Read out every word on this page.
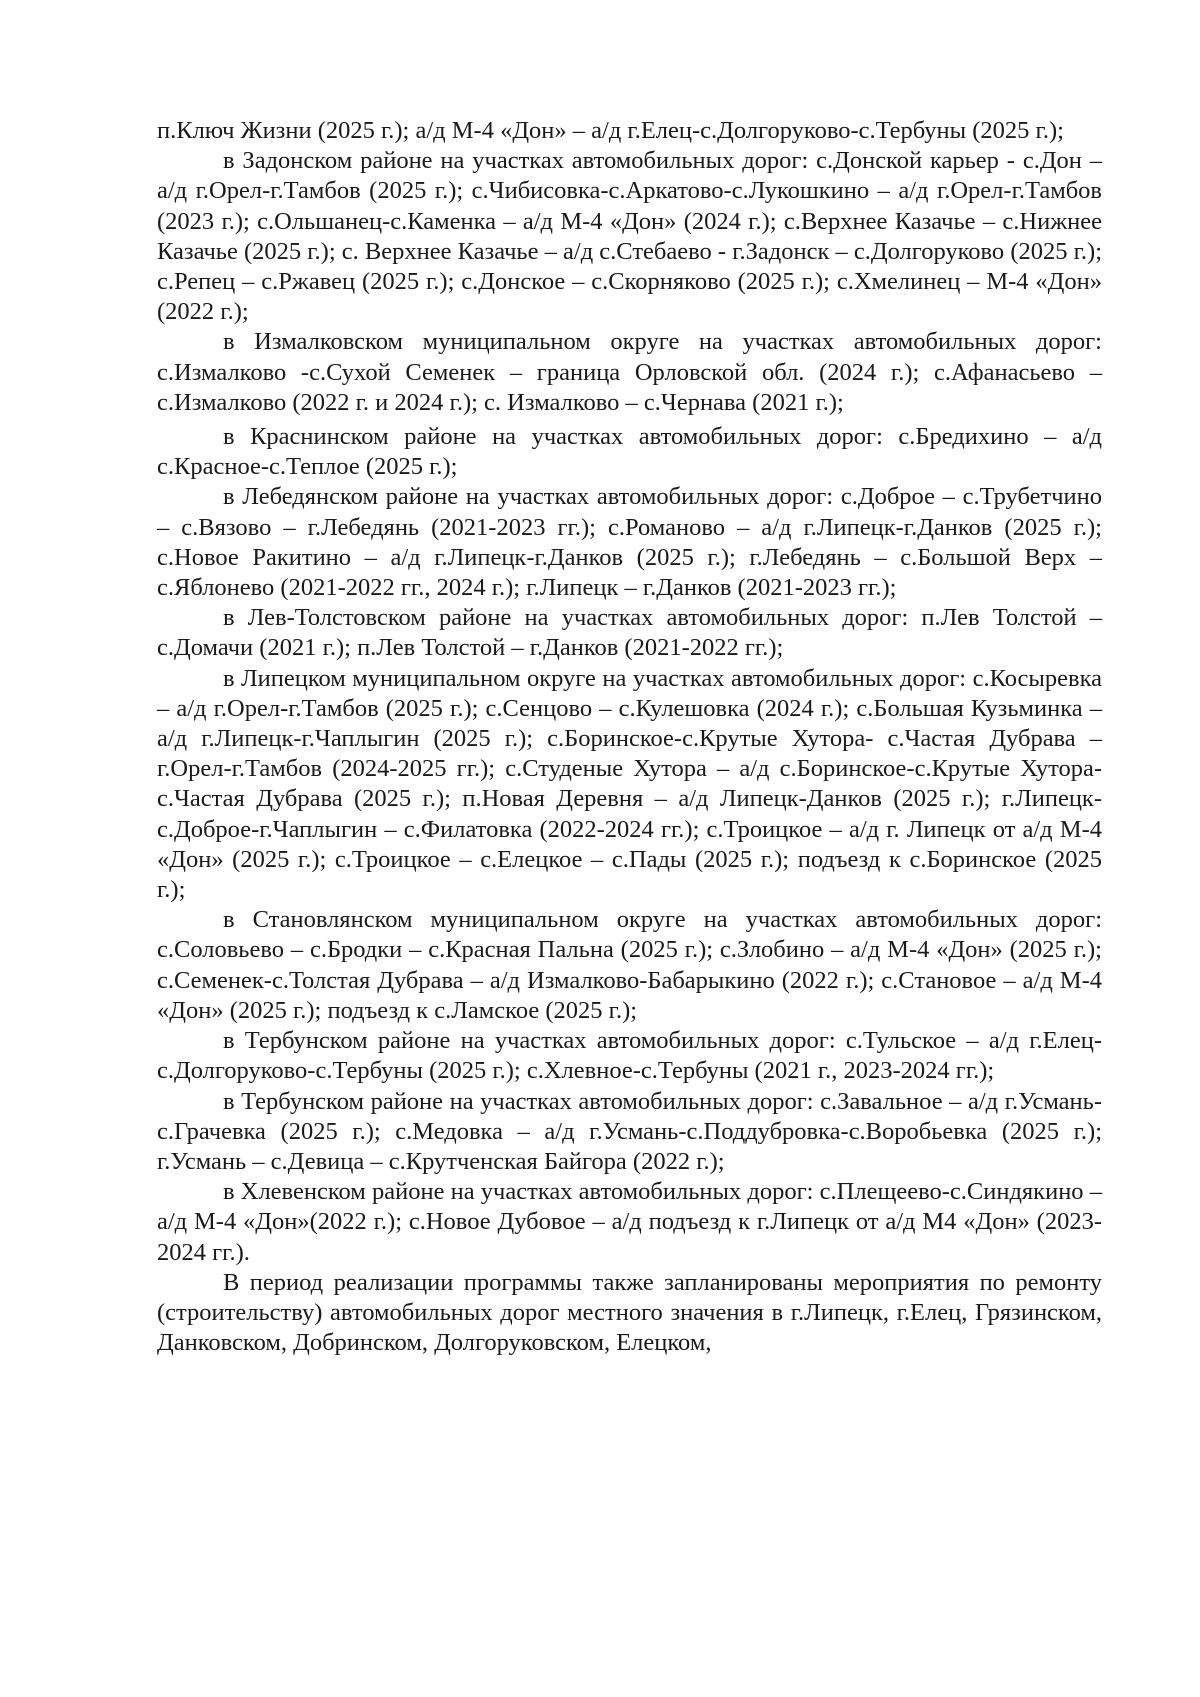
п.Ключ Жизни (2025 г.); а/д М-4 «Дон» – а/д г.Елец-с.Долгоруково-с.Тербуны (2025 г.);

в Задонском районе на участках автомобильных дорог: с.Донской карьер - с.Дон – а/д г.Орел-г.Тамбов (2025 г.); с.Чибисовка-с.Аркатово-с.Лукошкино – а/д г.Орел-г.Тамбов (2023 г.); с.Ольшанец-с.Каменка – а/д М-4 «Дон» (2024 г.); с.Верхнее Казачье – с.Нижнее Казачье (2025 г.); с. Верхнее Казачье – а/д с.Стебаево - г.Задонск – с.Долгоруково (2025 г.); с.Репец – с.Ржавец (2025 г.); с.Донское – с.Скорняково (2025 г.); с.Хмелинец – М-4 «Дон» (2022 г.);

в Измалковском муниципальном округе на участках автомобильных дорог: с.Измалково -с.Сухой Семенек – граница Орловской обл. (2024 г.); с.Афанасьево – с.Измалково (2022 г. и 2024 г.); с. Измалково – с.Чернава (2021 г.);

в Краснинском районе на участках автомобильных дорог: с.Бредихино – а/д с.Красное-с.Теплое (2025 г.);

в Лебедянском районе на участках автомобильных дорог: с.Доброе – с.Трубетчино – с.Вязово – г.Лебедянь (2021-2023 гг.); с.Романово – а/д г.Липецк-г.Данков (2025 г.); с.Новое Ракитино – а/д г.Липецк-г.Данков (2025 г.); г.Лебедянь – с.Большой Верх – с.Яблонево (2021-2022 гг., 2024 г.); г.Липецк – г.Данков (2021-2023 гг.);

в Лев-Толстовском районе на участках автомобильных дорог: п.Лев Толстой – с.Домачи (2021 г.); п.Лев Толстой – г.Данков (2021-2022 гг.);

в Липецком муниципальном округе на участках автомобильных дорог: с.Косыревка – а/д г.Орел-г.Тамбов (2025 г.); с.Сенцово – с.Кулешовка (2024 г.); с.Большая Кузьминка – а/д г.Липецк-г.Чаплыгин (2025 г.); с.Боринское-с.Крутые Хутора- с.Частая Дубрава – г.Орел-г.Тамбов (2024-2025 гг.); с.Студеные Хутора – а/д с.Боринское-с.Крутые Хутора-с.Частая Дубрава (2025 г.); п.Новая Деревня – а/д Липецк-Данков (2025 г.); г.Липецк-с.Доброе-г.Чаплыгин – с.Филатовка (2022-2024 гг.); с.Троицкое – а/д г. Липецк от а/д М-4 «Дон» (2025 г.); с.Троицкое – с.Елецкое – с.Пады (2025 г.); подъезд к с.Боринское (2025 г.);

в Становлянском муниципальном округе на участках автомобильных дорог: с.Соловьево – с.Бродки – с.Красная Пальна (2025 г.); с.Злобино – а/д М-4 «Дон» (2025 г.); с.Семенек-с.Толстая Дубрава – а/д Измалково-Бабарыкино (2022 г.); с.Становое – а/д М-4 «Дон» (2025 г.); подъезд к с.Ламское (2025 г.);

в Тербунском районе на участках автомобильных дорог: с.Тульское – а/д г.Елец-с.Долгоруково-с.Тербуны (2025 г.); с.Хлевное-с.Тербуны (2021 г., 2023-2024 гг.);

в Тербунском районе на участках автомобильных дорог: с.Завальное – а/д г.Усмань-с.Грачевка (2025 г.); с.Медовка – а/д г.Усмань-с.Поддубровка-с.Воробьевка (2025 г.); г.Усмань – с.Девица – с.Крутченская Байгора (2022 г.);

в Хлевенском районе на участках автомобильных дорог: с.Плещеево-с.Синдякино – а/д М-4 «Дон»(2022 г.); с.Новое Дубовое – а/д подъезд к г.Липецк от а/д М4 «Дон» (2023-2024 гг.).

В период реализации программы также запланированы мероприятия по ремонту (строительству) автомобильных дорог местного значения в г.Липецк, г.Елец, Грязинском, Данковском, Добринском, Долгоруковском, Елецком,
